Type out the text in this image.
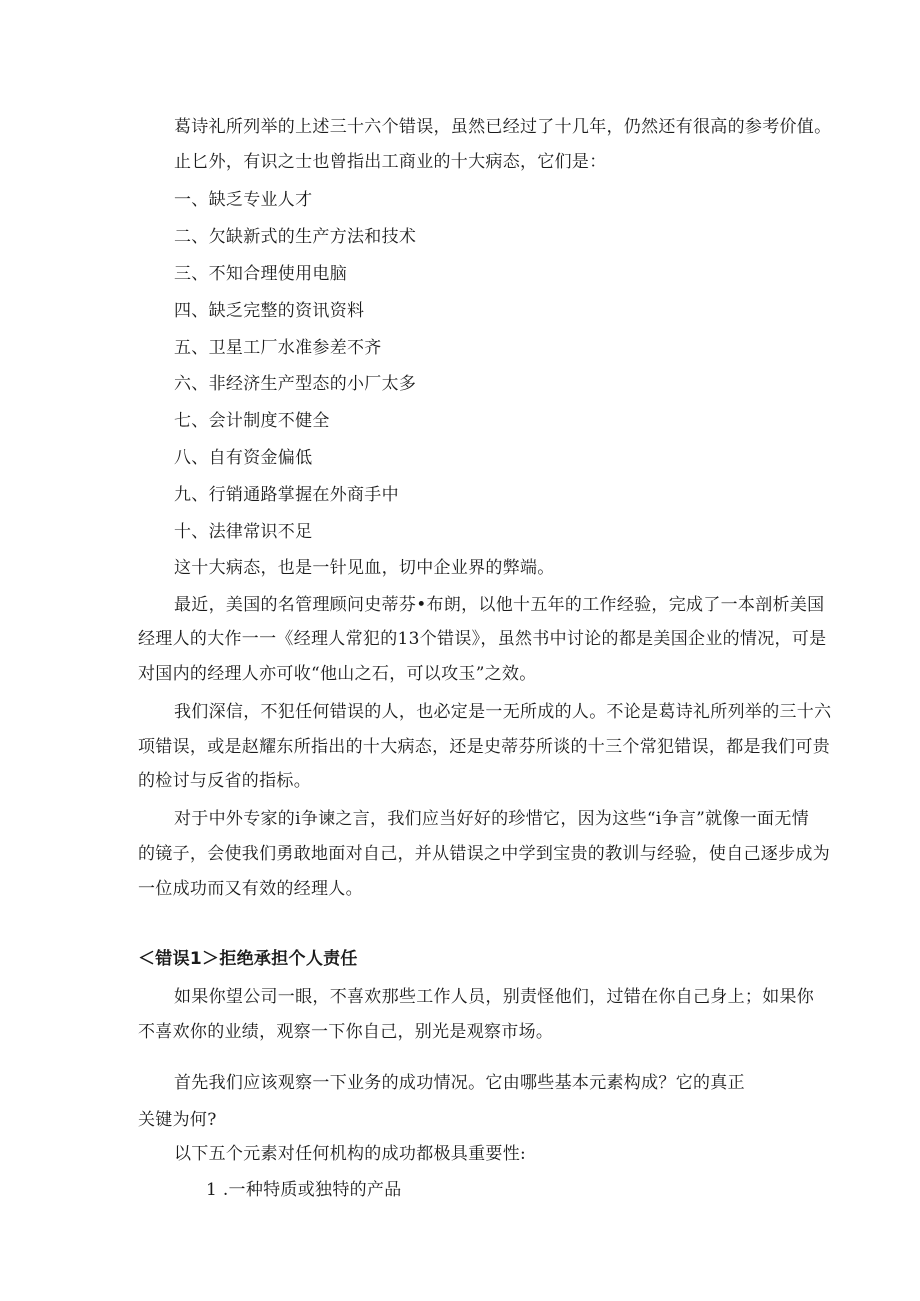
葛诗礼所列举的上述三十六个错误，虽然已经过了十几年，仍然还有很高的参考价值。
止匕外，有识之士也曾指出工商业的十大病态，它们是：
一、缺乏专业人才
二、欠缺新式的生产方法和技术
三、不知合理使用电脑
四、缺乏完整的资讯资料
五、卫星工厂水准参差不齐
六、非经济生产型态的小厂太多
七、会计制度不健全
八、自有资金偏低
九、行销通路掌握在外商手中
十、法律常识不足
这十大病态，也是一针见血，切中企业界的弊端。
最近，美国的名管理顾问史蒂芬•布朗，以他十五年的工作经验，完成了一本剖析美国
经理人的大作一一《经理人常犯的13个错误》，虽然书中讨论的都是美国企业的情况，可是
对国内的经理人亦可收“他山之石，可以攻玉”之效。
我们深信，不犯任何错误的人，也必定是一无所成的人。不论是葛诗礼所列举的三十六
项错误，或是赵耀东所指出的十大病态，还是史蒂芬所谈的十三个常犯错误，都是我们可贵
的检讨与反省的指标。
对于中外专家的i争谏之言，我们应当好好的珍惜它，因为这些“i争言”就像一面无情
的镜子，会使我们勇敢地面对自己，并从错误之中学到宝贵的教训与经验，使自己逐步成为
一位成功而又有效的经理人。
＜错误1＞拒绝承担个人责任
如果你望公司一眼，不喜欢那些工作人员，别责怪他们，过错在你自己身上；如果你
不喜欢你的业绩，观察一下你自己，别光是观察市场。
首先我们应该观察一下业务的成功情况。它由哪些基本元素构成？它的真正
关键为何?
以下五个元素对任何机构的成功都极具重要性:
1 .一种特质或独特的产品
